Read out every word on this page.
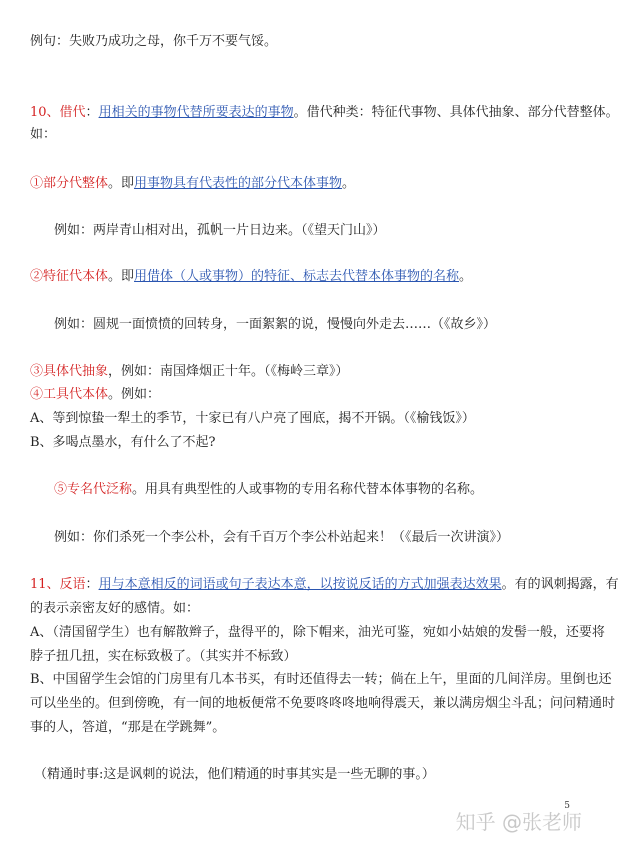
例句：失败乃成功之母，你千万不要气馁。
10、借代：用相关的事物代替所要表达的事物。借代种类：特征代事物、具体代抽象、部分代替整体。
如：
①部分代整体。即用事物具有代表性的部分代本体事物。
例如：两岸青山相对出，孤帆一片日边来。（《望天门山》）
②特征代本体。即用借体（人或事物）的特征、标志去代替本体事物的名称。
例如：圆规一面愤愤的回转身，一面絮絮的说，慢慢向外走去……（《故乡》）
③具体代抽象，例如：南国烽烟正十年。（《梅岭三章》）
④工具代本体。例如：
A、等到惊蛰一犁土的季节，十家已有八户亮了囤底，揭不开锅。（《榆钱饭》）
B、多喝点墨水，有什么了不起?
⑤专名代泛称。用具有典型性的人或事物的专用名称代替本体事物的名称。
例如：你们杀死一个李公朴，会有千百万个李公朴站起来！（《最后一次讲演》）
11、反语：用与本意相反的词语或句子表达本意，以按说反话的方式加强表达效果。有的讽刺揭露，有
的表示亲密友好的感情。如：
A、（清国留学生）也有解散辫子，盘得平的，除下帽来，油光可鉴，宛如小姑娘的发髻一般，还要将
脖子扭几扭，实在标致极了。（其实并不标致）
B、中国留学生会馆的门房里有几本书买，有时还值得去一转；倘在上午，里面的几间洋房。里倒也还
可以坐坐的。但到傍晚，有一间的地板便常不免要咚咚咚地响得震天，兼以满房烟尘斗乱；问问精通时
事的人，答道，“那是在学跳舞”。
（精通时事:这是讽刺的说法，他们精通的时事其实是一些无聊的事。）
5
知乎 @张老师
